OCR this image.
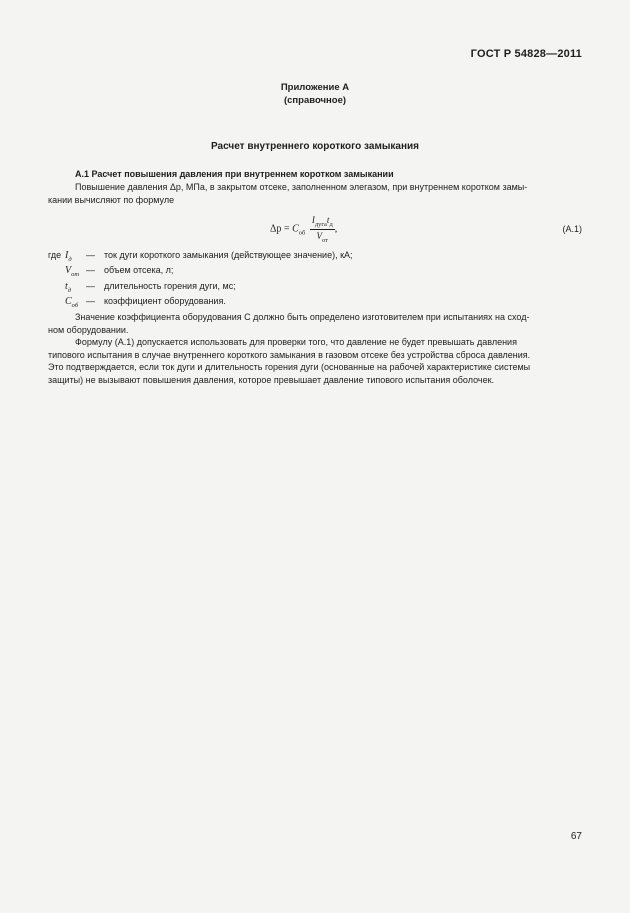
ГОСТ Р 54828—2011
Приложение А
(справочное)
Расчет внутреннего короткого замыкания
А.1 Расчет повышения давления при внутреннем коротком замыкании
Повышение давления Δp, МПа, в закрытом отсеке, заполненном элегазом, при внутреннем коротком замы-
кании вычисляют по формуле
$\Delta p = C_{об} \frac{I_{дуга}t_д}{V_{от}}$ ,	(А.1)
где $I_д$	— ток дуги короткого замыкания (действующее значение), кА;
$V_{от}$ — объем отсека, л;
$t_д$	— длительность горения дуги, мс;
$C_{об}$ — коэффициент оборудования.
Значение коэффициента оборудования C должно быть определено изготовителем при испытаниях на сход-
ном оборудовании.
Формулу (А.1) допускается использовать для проверки того, что давление не будет превышать давления
типового испытания в случае внутреннего короткого замыкания в газовом отсеке без устройства сброса давления.
Это подтверждается, если ток дуги и длительность горения дуги (основанные на рабочей характеристике системы
защиты) не вызывают повышения давления, которое превышает давление типового испытания оболочек.
67
